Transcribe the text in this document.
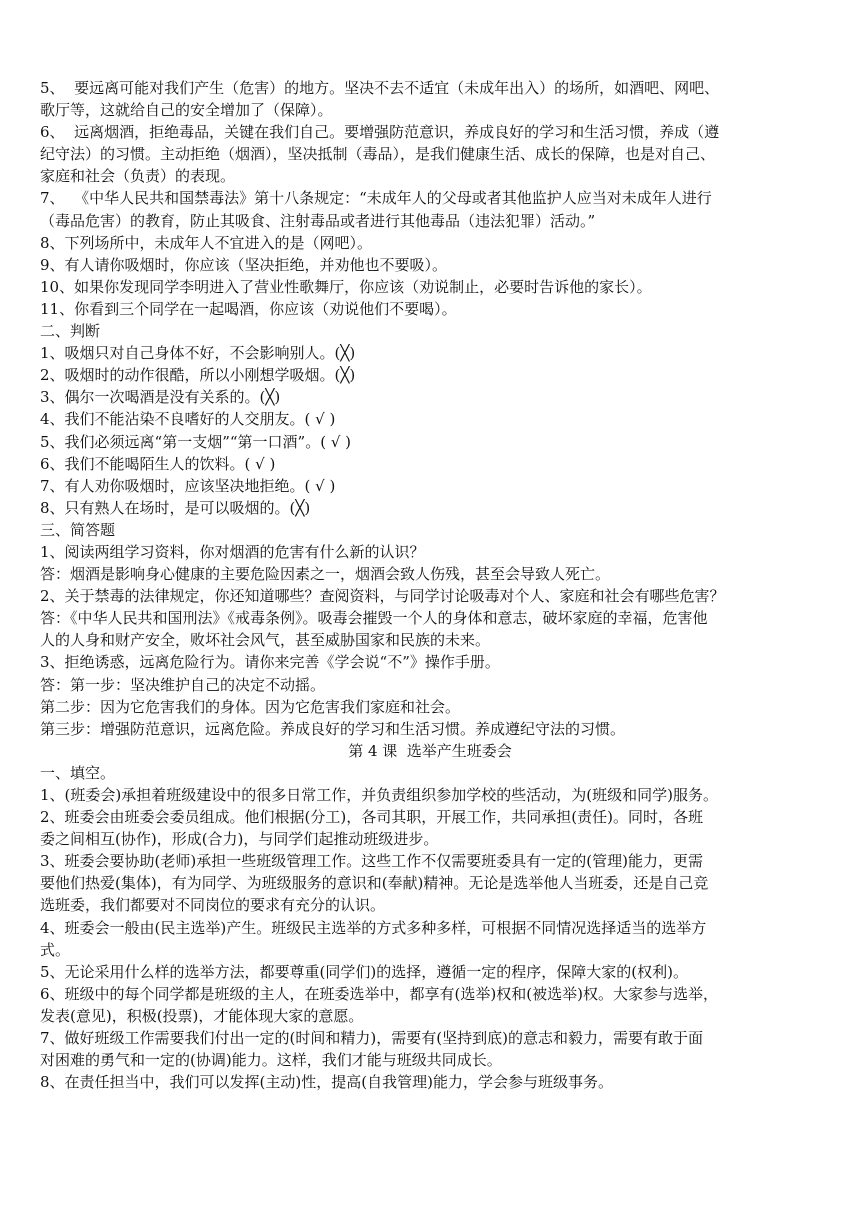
5、  要远离可能对我们产生（危害）的地方。坚决不去不适宜（未成年出入）的场所，如酒吧、网吧、
歌厅等，这就给自己的安全增加了（保障）。
6、  远离烟酒，拒绝毒品，关键在我们自己。要增强防范意识，养成良好的学习和生活习惯，养成（遵
纪守法）的习惯。主动拒绝（烟酒），坚决抵制（毒品），是我们健康生活、成长的保障，也是对自己、
家庭和社会（负责）的表现。
7、  《中华人民共和国禁毒法》第十八条规定：“未成年人的父母或者其他监护人应当对未成年人进行
（毒品危害）的教育，防止其吸食、注射毒品或者进行其他毒品（违法犯罪）活动。”
8、下列场所中，未成年人不宜进入的是（网吧）。
9、有人请你吸烟时，你应该（坚决拒绝，并劝他也不要吸）。
10、如果你发现同学李明进入了营业性歌舞厅，你应该（劝说制止，必要时告诉他的家长）。
11、你看到三个同学在一起喝酒，你应该（劝说他们不要喝）。
二、判断
1、吸烟只对自己身体不好，不会影响别人。(╳)
2、吸烟时的动作很酷，所以小刚想学吸烟。(╳)
3、偶尔一次喝酒是没有关系的。(╳)
4、我们不能沾染不良嗜好的人交朋友。( √ )
5、我们必须远离“第一支烟”“第一口酒”。( √ )
6、我们不能喝陌生人的饮料。( √ )
7、有人劝你吸烟时，应该坚决地拒绝。( √ )
8、只有熟人在场时，是可以吸烟的。(╳)
三、简答题
1、阅读两组学习资料，你对烟酒的危害有什么新的认识？
答：烟酒是影响身心健康的主要危险因素之一，烟酒会致人伤残，甚至会导致人死亡。
2、关于禁毒的法律规定，你还知道哪些？查阅资料，与同学讨论吸毒对个人、家庭和社会有哪些危害？
答：《中华人民共和国刑法》《戒毒条例》。吸毒会摧毁一个人的身体和意志，破坏家庭的幸福，危害他
人的人身和财产安全，败坏社会风气，甚至威胁国家和民族的未来。
3、拒绝诱惑，远离危险行为。请你来完善《学会说“不”》操作手册。
答：第一步：坚决维护自己的决定不动摇。
第二步：因为它危害我们的身体。因为它危害我们家庭和社会。
第三步：增强防范意识，远离危险。养成良好的学习和生活习惯。养成遵纪守法的习惯。
第 4 课  选举产生班委会
一、填空。
1、(班委会)承担着班级建设中的很多日常工作，并负责组织参加学校的些活动，为(班级和同学)服务。
2、班委会由班委会委员组成。他们根据(分工)，各司其职，开展工作，共同承担(责任)。同时，各班
委之间相互(协作)，形成(合力)，与同学们起推动班级进步。
3、班委会要协助(老师)承担一些班级管理工作。这些工作不仅需要班委具有一定的(管理)能力，更需
要他们热爱(集体)，有为同学、为班级服务的意识和(奉献)精神。无论是选举他人当班委，还是自己竞
选班委，我们都要对不同岗位的要求有充分的认识。
4、班委会一般由(民主选举)产生。班级民主选举的方式多种多样，可根据不同情况选择适当的选举方
式。
5、无论采用什么样的选举方法，都要尊重(同学们)的选择，遵循一定的程序，保障大家的(权利)。
6、班级中的每个同学都是班级的主人，在班委选举中，都享有(选举)权和(被选举)权。大家参与选举，
发表(意见)，积极(投票)，才能体现大家的意愿。
7、做好班级工作需要我们付出一定的(时间和精力)，需要有(坚持到底)的意志和毅力，需要有敢于面
对困难的勇气和一定的(协调)能力。这样，我们才能与班级共同成长。
8、在责任担当中，我们可以发挥(主动)性，提高(自我管理)能力，学会参与班级事务。
